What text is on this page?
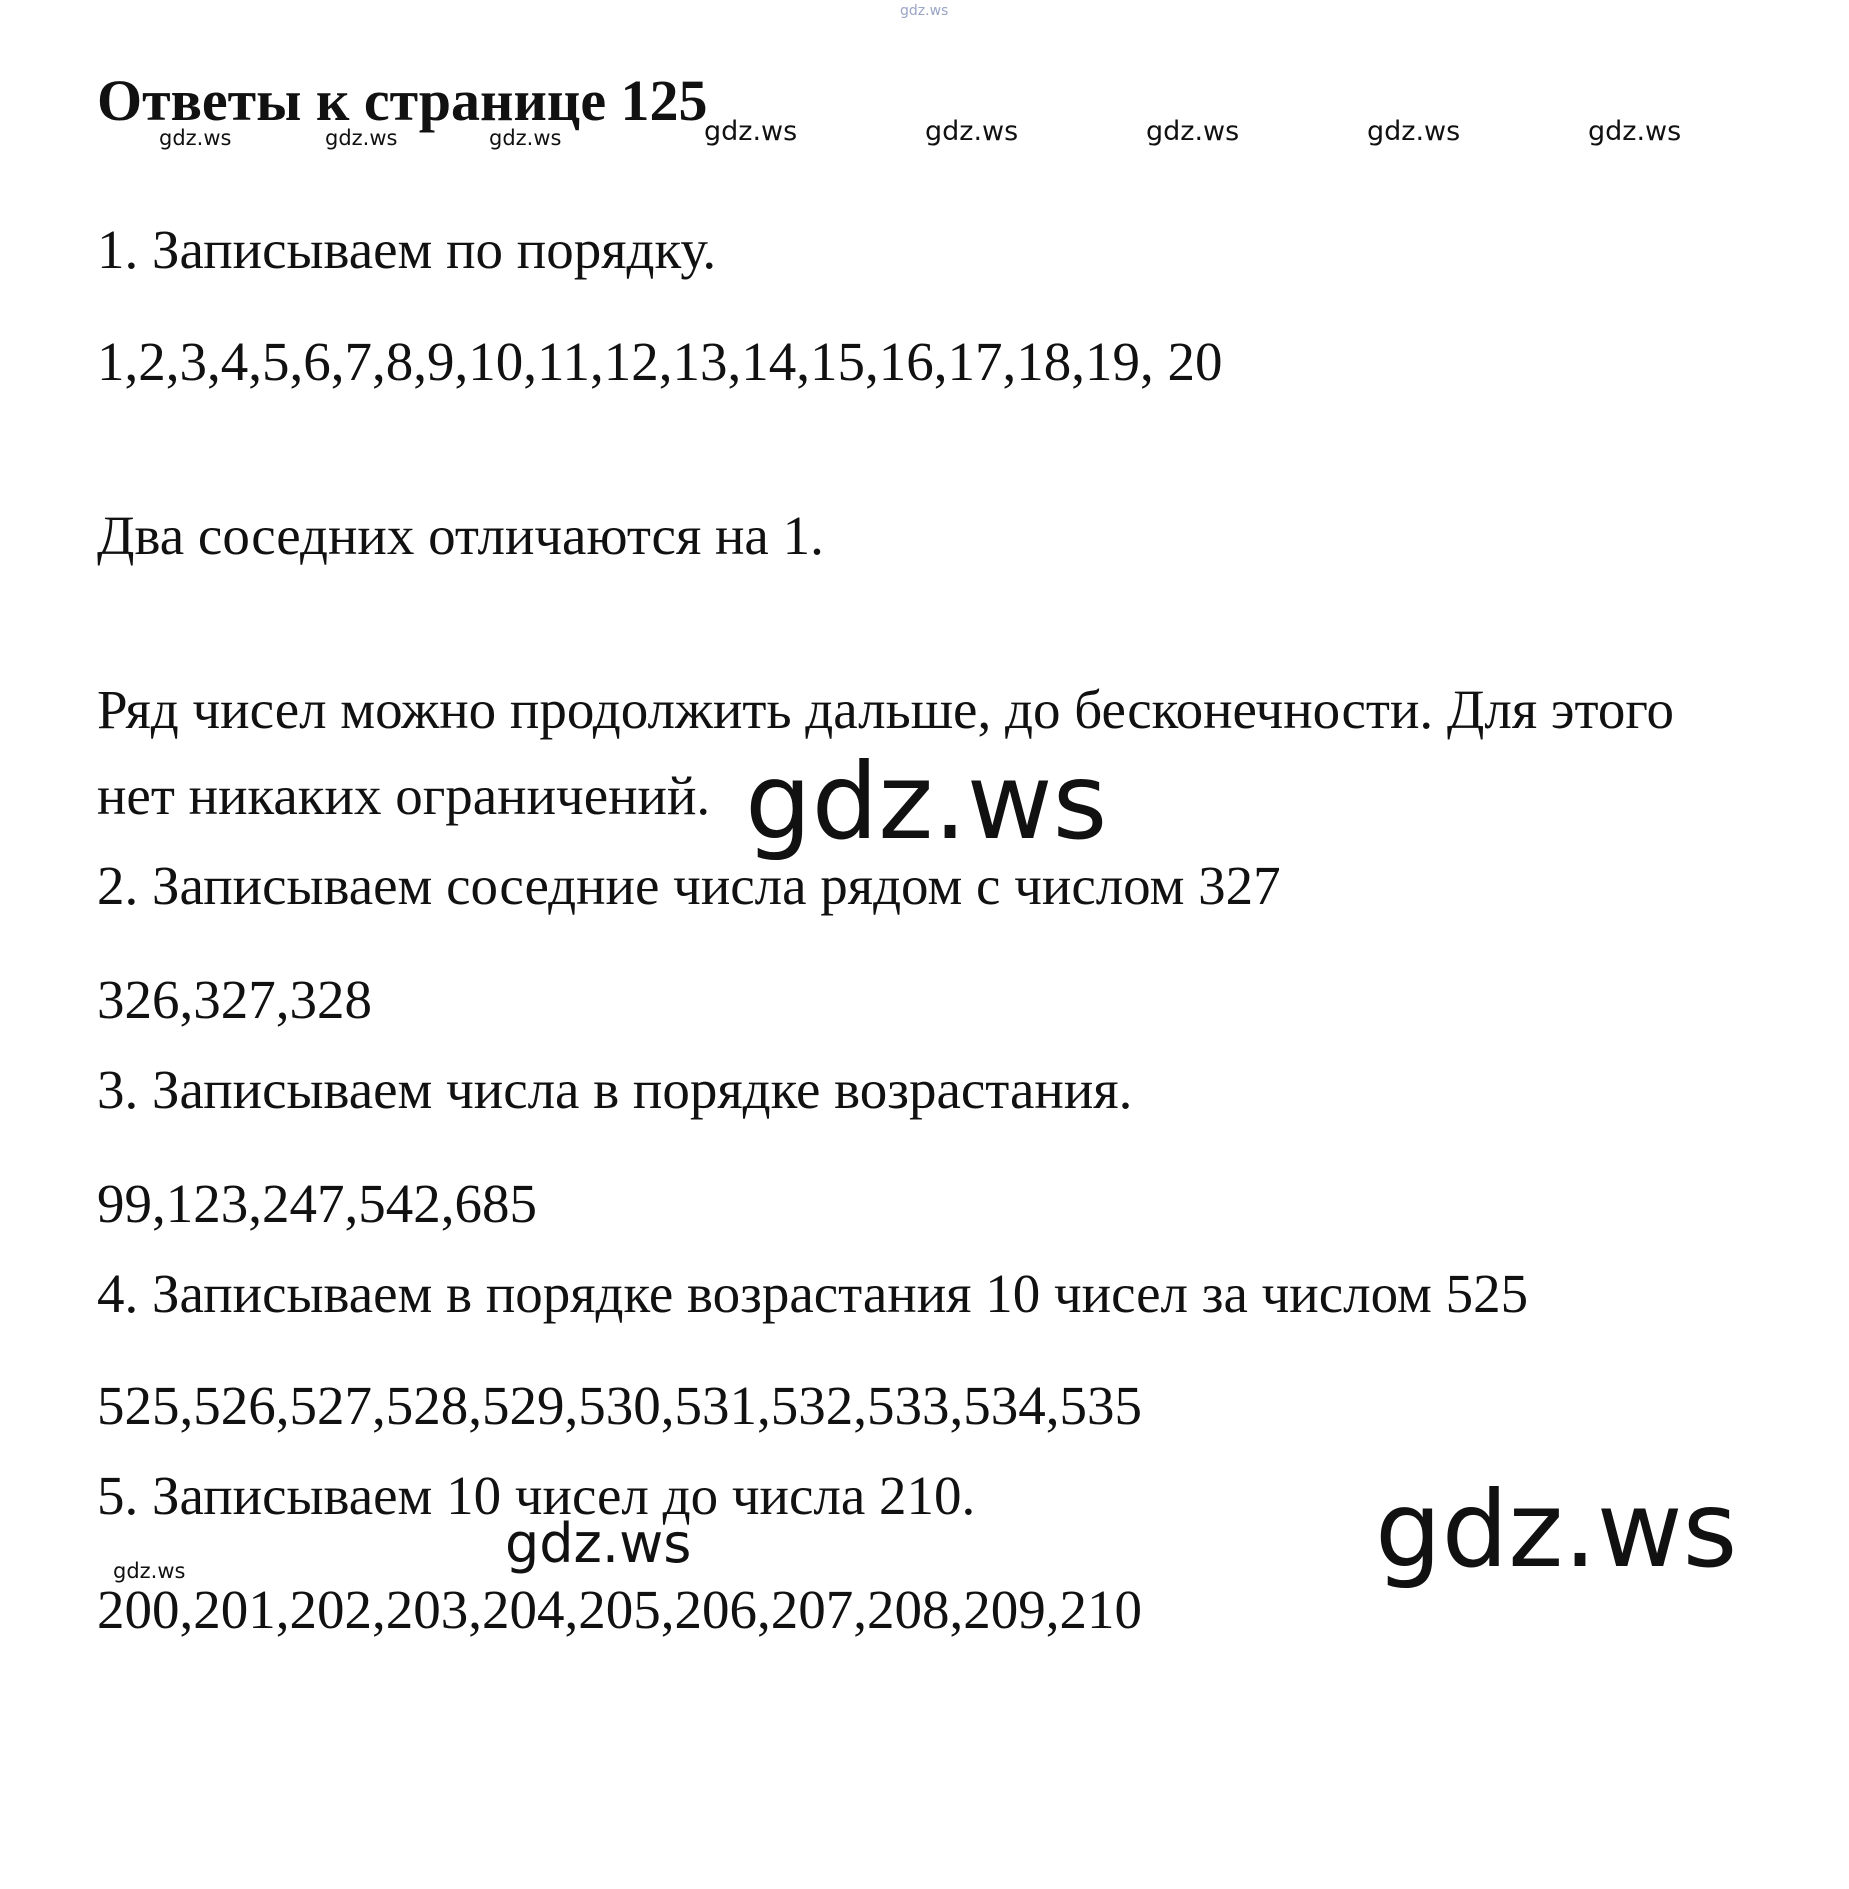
gdz.ws
gdz.ws	gdz.ws	gdz.ws	gdz.ws	gdz.ws	gdz.ws	gdz.ws	gdz.ws
gdz.ws
gdz.ws
gdz.ws
gdz.ws
Ответы к странице 125
1. Записываем по порядку.
1,2,3,4,5,6,7,8,9,10,11,12,13,14,15,16,17,18,19, 20
Два соседних отличаются на 1.
Ряд чисел можно продолжить дальше, до бесконечности. Для этого
нет никаких ограничений.
2. Записываем соседние числа рядом с числом 327
326,327,328
3. Записываем числа в порядке возрастания.
99,123,247,542,685
4. Записываем в порядке возрастания 10 чисел за числом 525
525,526,527,528,529,530,531,532,533,534,535
5. Записываем 10 чисел до числа 210.
200,201,202,203,204,205,206,207,208,209,210
